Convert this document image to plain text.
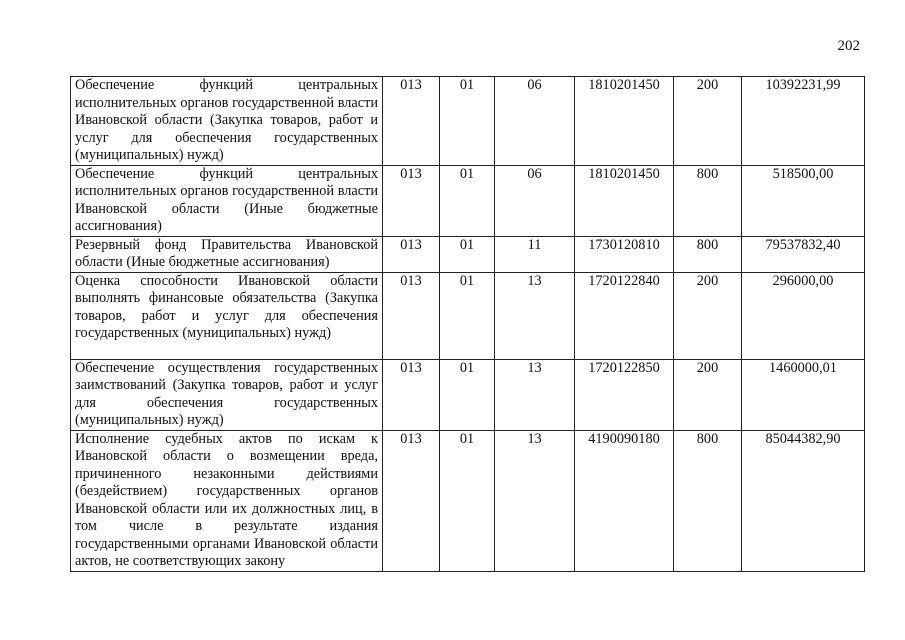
202
Обеспечение функций центральных исполнительных органов государственной власти Ивановской области (Закупка товаров, работ и услуг для обеспечения государственных (муниципальных) нужд)	013	01	06	1810201450	200	10392231,99
Обеспечение функций центральных исполнительных органов государственной власти Ивановской области (Иные бюджетные ассигнования)	013	01	06	1810201450	800	518500,00
Резервный фонд Правительства Ивановской области (Иные бюджетные ассигнования)	013	01	11	1730120810	800	79537832,40
Оценка способности Ивановской области выполнять финансовые обязательства (Закупка товаров, работ и услуг для обеспечения государственных (муниципальных) нужд)	013	01	13	1720122840	200	296000,00
Обеспечение осуществления государственных заимствований (Закупка товаров, работ и услуг для обеспечения государственных (муниципальных) нужд)	013	01	13	1720122850	200	1460000,01
Исполнение судебных актов по искам к Ивановской области о возмещении вреда, причиненного незаконными действиями (бездействием) государственных органов Ивановской области или их должностных лиц, в том числе в результате издания государственными органами Ивановской области актов, не соответствующих закону	013	01	13	4190090180	800	85044382,90
